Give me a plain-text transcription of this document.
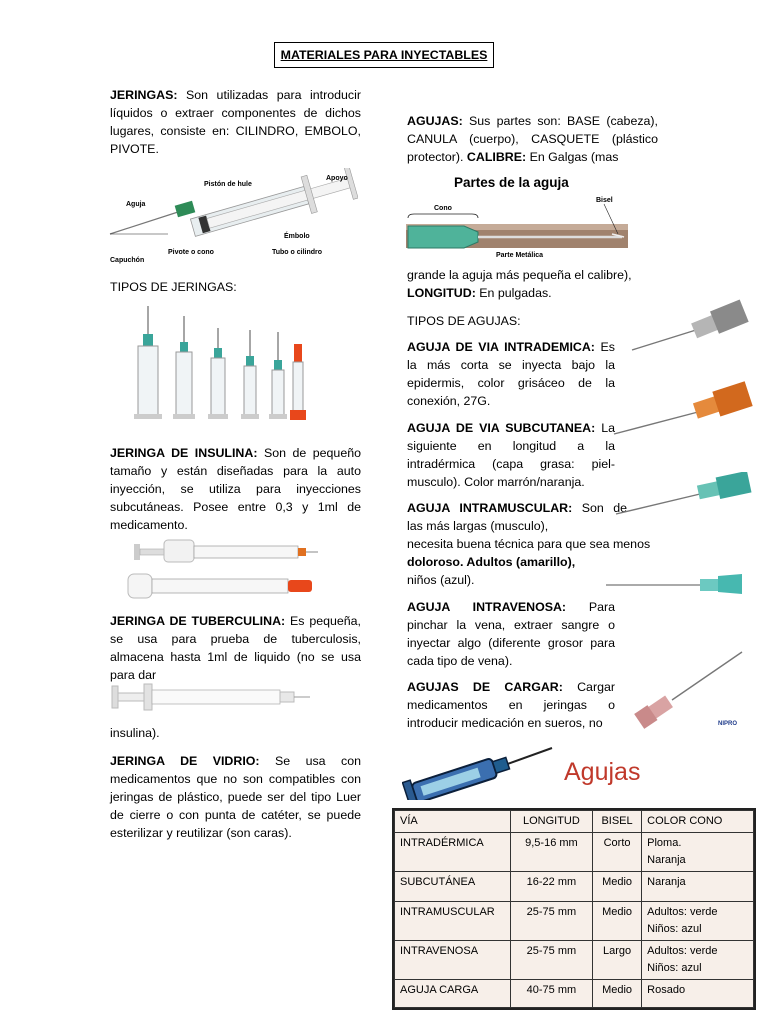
MATERIALES PARA INYECTABLES
JERINGAS: Son utilizadas para introducir líquidos o extraer componentes de dichos lugares, consiste en: CILINDRO, EMBOLO, PIVOTE.
Aguja
Pistón de hule
Apoyo
Capuchón
Pivote o cono	Tubo o cilindro
Émbolo
TIPOS DE JERINGAS:
JERINGA DE INSULINA: Son de pequeño tamaño y están diseñadas para la auto inyección, se utiliza para inyecciones subcutáneas. Posee entre 0,3 y 1ml de medicamento.
JERINGA DE TUBERCULINA: Es pequeña, se usa para prueba de tuberculosis, almacena hasta 1ml de liquido (no se usa para dar
insulina).
JERINGA DE VIDRIO: Se usa con medicamentos que no son compatibles con jeringas de plástico, puede ser del tipo Luer de cierre o con punta de catéter, se puede esterilizar y reutilizar (son caras).
AGUJAS: Sus partes son: BASE (cabeza), CANULA (cuerpo), CASQUETE (plástico protector). CALIBRE: En Galgas (mas
Partes de la aguja
Cono
Bisel
Parte Metálica
grande la aguja más pequeña el calibre),
LONGITUD: En pulgadas.
TIPOS DE AGUJAS:
AGUJA DE VIA INTRADEMICA: Es la más corta se inyecta bajo la epidermis, color grisáceo de la conexión, 27G.
AGUJA DE VIA SUBCUTANEA: La siguiente en longitud a la intradérmica (capa grasa: piel-musculo). Color marrón/naranja.
AGUJA INTRAMUSCULAR: Son de las más largas (musculo),
necesita buena técnica para que sea menos
doloroso. Adultos (amarillo),
niños (azul).
AGUJA INTRAVENOSA: Para pinchar la vena, extraer sangre o inyectar algo (diferente grosor para cada tipo de vena).
AGUJAS DE CARGAR: Cargar medicamentos en jeringas o introducir medicación en sueros, no	NIPRO
Agujas
VÍA	LONGITUD	BISEL	COLOR CONO
INTRADÉRMICA	9,5-16 mm	Corto	Ploma.
Naranja
SUBCUTÁNEA	16-22 mm	Medio	Naranja
INTRAMUSCULAR	25-75 mm	Medio	Adultos: verde
Niños: azul
INTRAVENOSA	25-75 mm	Largo	Adultos: verde
Niños: azul
AGUJA CARGA	40-75 mm	Medio	Rosado
